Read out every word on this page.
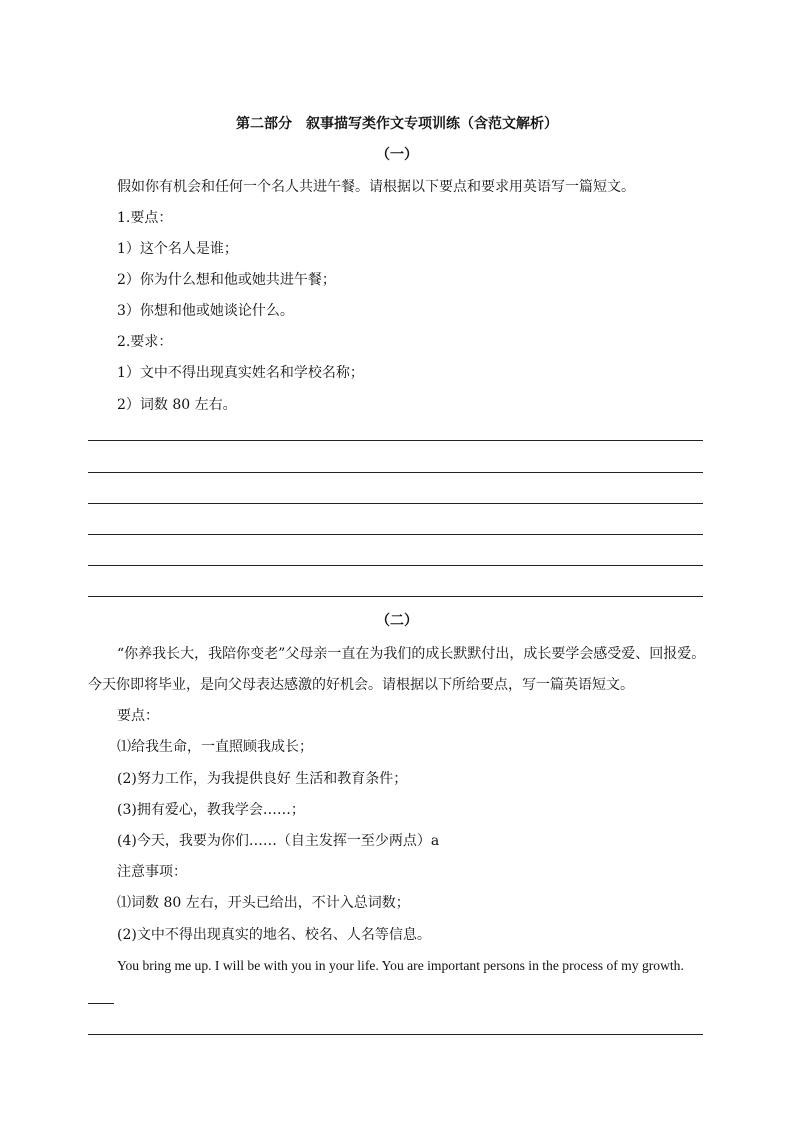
第二部分　叙事描写类作文专项训练（含范文解析）
（一）
假如你有机会和任何一个名人共进午餐。请根据以下要点和要求用英语写一篇短文。
1.要点：
1）这个名人是谁；
2）你为什么想和他或她共进午餐；
3）你想和他或她谈论什么。
2.要求：
1）文中不得出现真实姓名和学校名称；
2）词数 80 左右。
（二）
“你养我长大，我陪你变老”父母亲一直在为我们的成长默默付出，成长要学会感受爱、回报爱。
今天你即将毕业，是向父母表达感激的好机会。请根据以下所给要点，写一篇英语短文。
要点：
⑴给我生命，一直照顾我成长；
(2)努力工作，为我提供良好 生活和教育条件；
(3)拥有爱心，教我学会……；
(4)今天，我要为你们……（自主发挥一至少两点）a
注意事项：
⑴词数 80 左右，开头已给出，不计入总词数；
(2)文中不得出现真实的地名、校名、人名等信息。
You bring me up. I will be with you in your life. You are important persons in the process of my growth.
